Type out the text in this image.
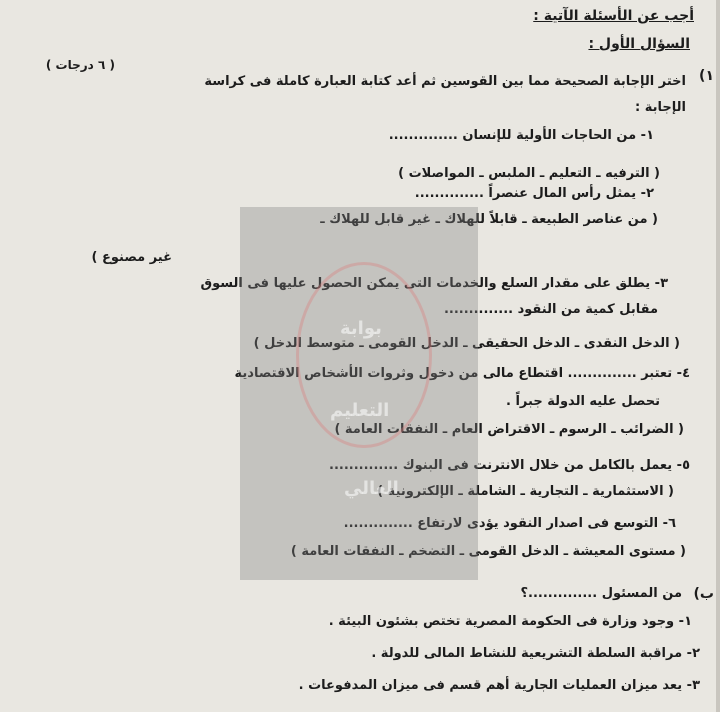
أجب عن الأسئلة الآتية :
السؤال الأول :
١)
( ٦ درجات )
اختر الإجابة الصحيحة مما بين القوسين ثم أعد كتابة العبارة كاملة فى كراسة
الإجابة :
١- من الحاجات الأولية للإنسان ..............
( الترفيه ـ التعليم ـ الملبس ـ المواصلات )
٢- يمثل رأس المال عنصراً ..............
( من عناصر الطبيعة ـ قابلاً للهلاك ـ غير قابل للهلاك ـ
غير مصنوع )
٣- يطلق على مقدار السلع والخدمات التى يمكن الحصول عليها فى السوق
مقابل كمية من النقود ..............
( الدخل النقدى ـ الدخل الحقيقى ـ الدخل القومى ـ متوسط الدخل )
٤- تعتبر .............. اقتطاع مالى من دخول وثروات الأشخاص الاقتصادية
تحصل عليه الدولة جبراً .
( الضرائب ـ الرسوم ـ الاقتراض العام ـ النفقات العامة )
٥- يعمل بالكامل من خلال الانترنت فى البنوك ..............
( الاستثمارية ـ التجارية ـ الشاملة ـ الإلكترونية )
٦- التوسع فى اصدار النقود يؤدى لارتفاع ..............
( مستوى المعيشة ـ الدخل القومى ـ التضخم ـ النفقات العامة )
ب)
من المسئول ..............؟
١- وجود وزارة فى الحكومة المصرية تختص بشئون البيئة .
٢- مراقبة السلطة التشريعية للنشاط المالى للدولة .
٣- يعد ميزان العمليات الجارية أهم قسم فى ميزان المدفوعات .
بوابة
التعليم
العالي
